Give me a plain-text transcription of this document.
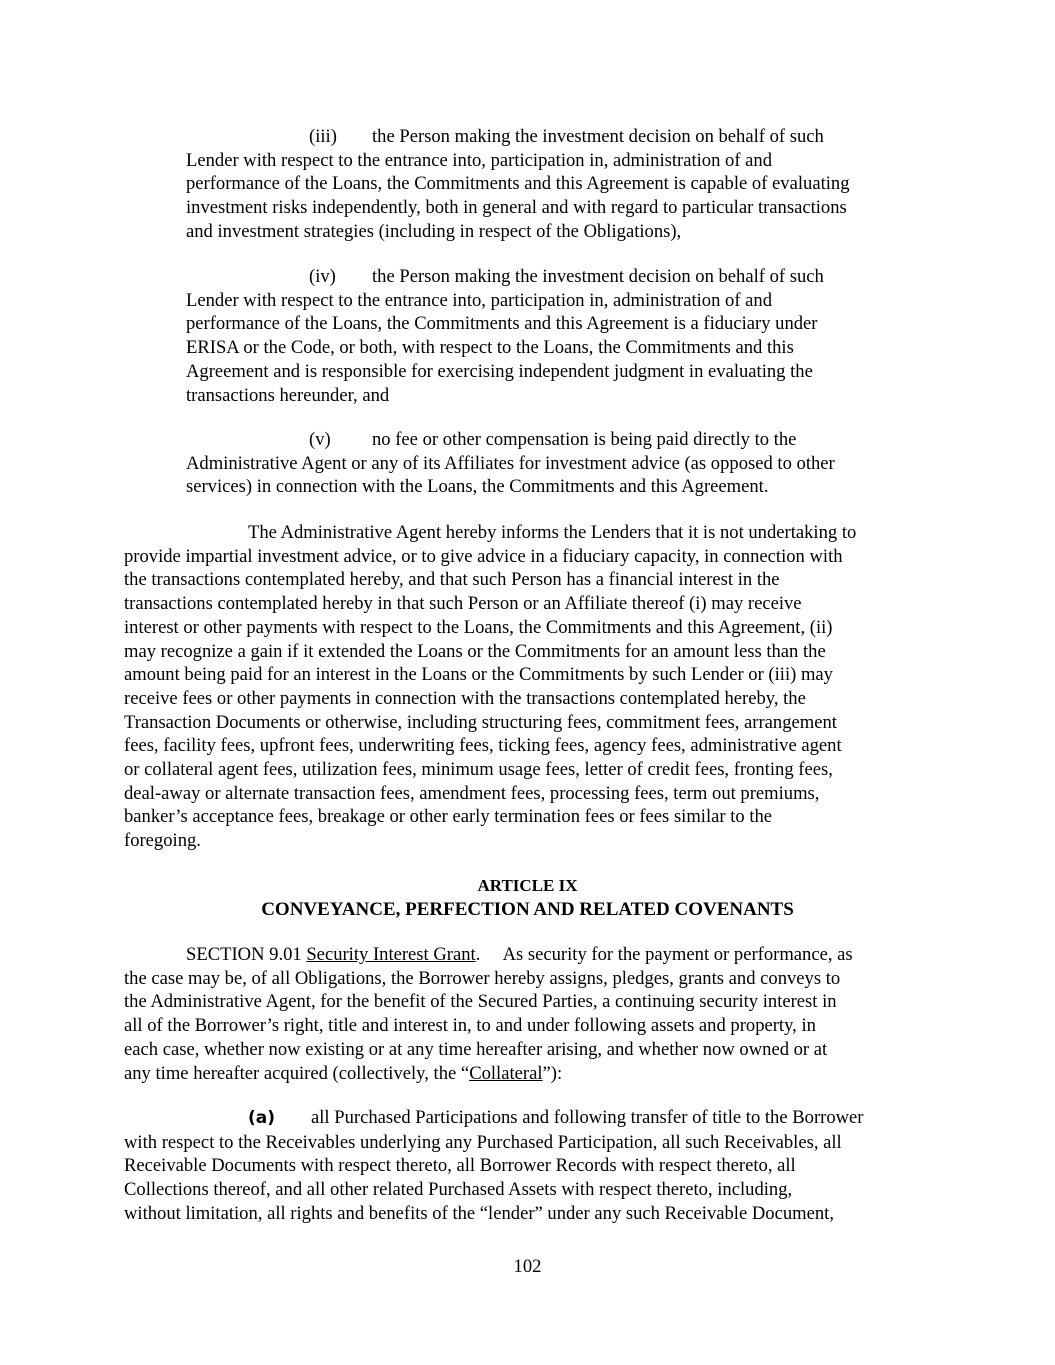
(iii) the Person making the investment decision on behalf of such
Lender with respect to the entrance into, participation in, administration of and
performance of the Loans, the Commitments and this Agreement is capable of evaluating
investment risks independently, both in general and with regard to particular transactions
and investment strategies (including in respect of the Obligations),
(iv) the Person making the investment decision on behalf of such
Lender with respect to the entrance into, participation in, administration of and
performance of the Loans, the Commitments and this Agreement is a fiduciary under
ERISA or the Code, or both, with respect to the Loans, the Commitments and this
Agreement and is responsible for exercising independent judgment in evaluating the
transactions hereunder, and
(v) no fee or other compensation is being paid directly to the
Administrative Agent or any of its Affiliates for investment advice (as opposed to other
services) in connection with the Loans, the Commitments and this Agreement.
The Administrative Agent hereby informs the Lenders that it is not undertaking to
provide impartial investment advice, or to give advice in a fiduciary capacity, in connection with
the transactions contemplated hereby, and that such Person has a financial interest in the
transactions contemplated hereby in that such Person or an Affiliate thereof (i) may receive
interest or other payments with respect to the Loans, the Commitments and this Agreement, (ii)
may recognize a gain if it extended the Loans or the Commitments for an amount less than the
amount being paid for an interest in the Loans or the Commitments by such Lender or (iii) may
receive fees or other payments in connection with the transactions contemplated hereby, the
Transaction Documents or otherwise, including structuring fees, commitment fees, arrangement
fees, facility fees, upfront fees, underwriting fees, ticking fees, agency fees, administrative agent
or collateral agent fees, utilization fees, minimum usage fees, letter of credit fees, fronting fees,
deal-away or alternate transaction fees, amendment fees, processing fees, term out premiums,
banker’s acceptance fees, breakage or other early termination fees or fees similar to the
foregoing.
ARTICLE IX
CONVEYANCE, PERFECTION AND RELATED COVENANTS
SECTION 9.01 Security Interest Grant.     As security for the payment or performance, as
the case may be, of all Obligations, the Borrower hereby assigns, pledges, grants and conveys to
the Administrative Agent, for the benefit of the Secured Parties, a continuing security interest in
all of the Borrower’s right, title and interest in, to and under following assets and property, in
each case, whether now existing or at any time hereafter arising, and whether now owned or at
any time hereafter acquired (collectively, the “Collateral”):
(a) all Purchased Participations and following transfer of title to the Borrower
with respect to the Receivables underlying any Purchased Participation, all such Receivables, all
Receivable Documents with respect thereto, all Borrower Records with respect thereto, all
Collections thereof, and all other related Purchased Assets with respect thereto, including,
without limitation, all rights and benefits of the “lender” under any such Receivable Document,
102
